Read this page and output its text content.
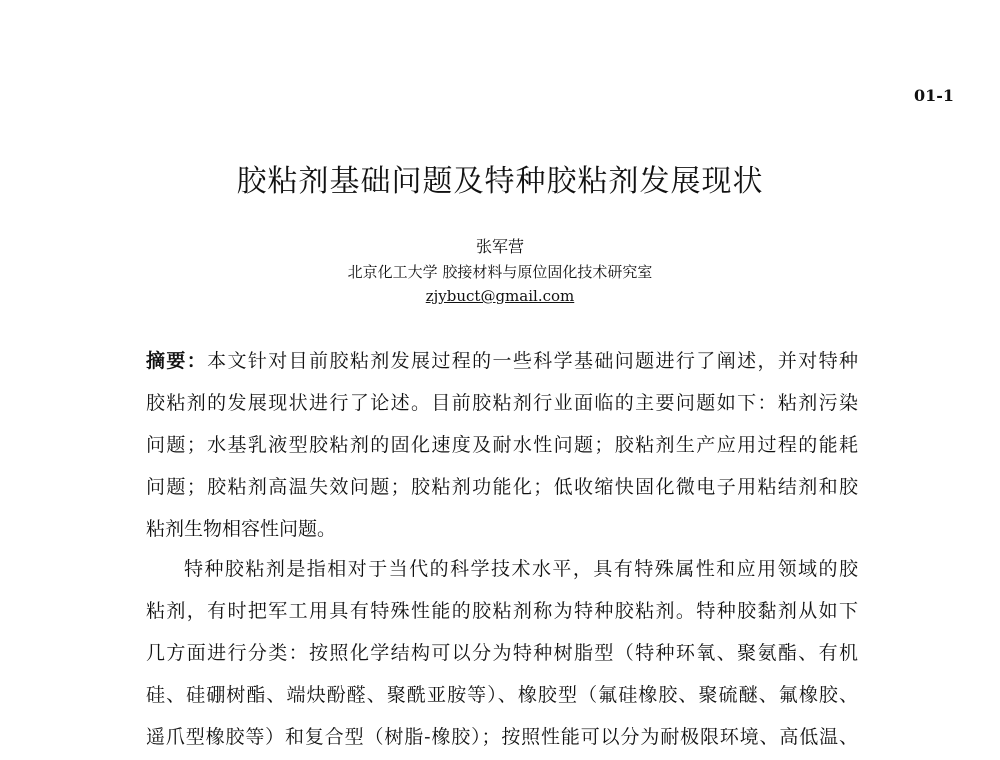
01-1
胶粘剂基础问题及特种胶粘剂发展现状
张军营
北京化工大学 胶接材料与原位固化技术研究室
zjybuct@gmail.com
摘要：本文针对目前胶粘剂发展过程的一些科学基础问题进行了阐述，并对特种
胶粘剂的发展现状进行了论述。目前胶粘剂行业面临的主要问题如下：粘剂污染
问题；水基乳液型胶粘剂的固化速度及耐水性问题；胶粘剂生产应用过程的能耗
问题；胶粘剂高温失效问题；胶粘剂功能化；低收缩快固化微电子用粘结剂和胶
粘剂生物相容性问题。
特种胶粘剂是指相对于当代的科学技术水平，具有特殊属性和应用领域的胶
粘剂，有时把军工用具有特殊性能的胶粘剂称为特种胶粘剂。特种胶黏剂从如下
几方面进行分类：按照化学结构可以分为特种树脂型（特种环氧、聚氨酯、有机
硅、硅硼树酯、端炔酚醛、聚酰亚胺等）、橡胶型（氟硅橡胶、聚硫醚、氟橡胶、
遥爪型橡胶等）和复合型（树脂-橡胶）；按照性能可以分为耐极限环境、高低温、
